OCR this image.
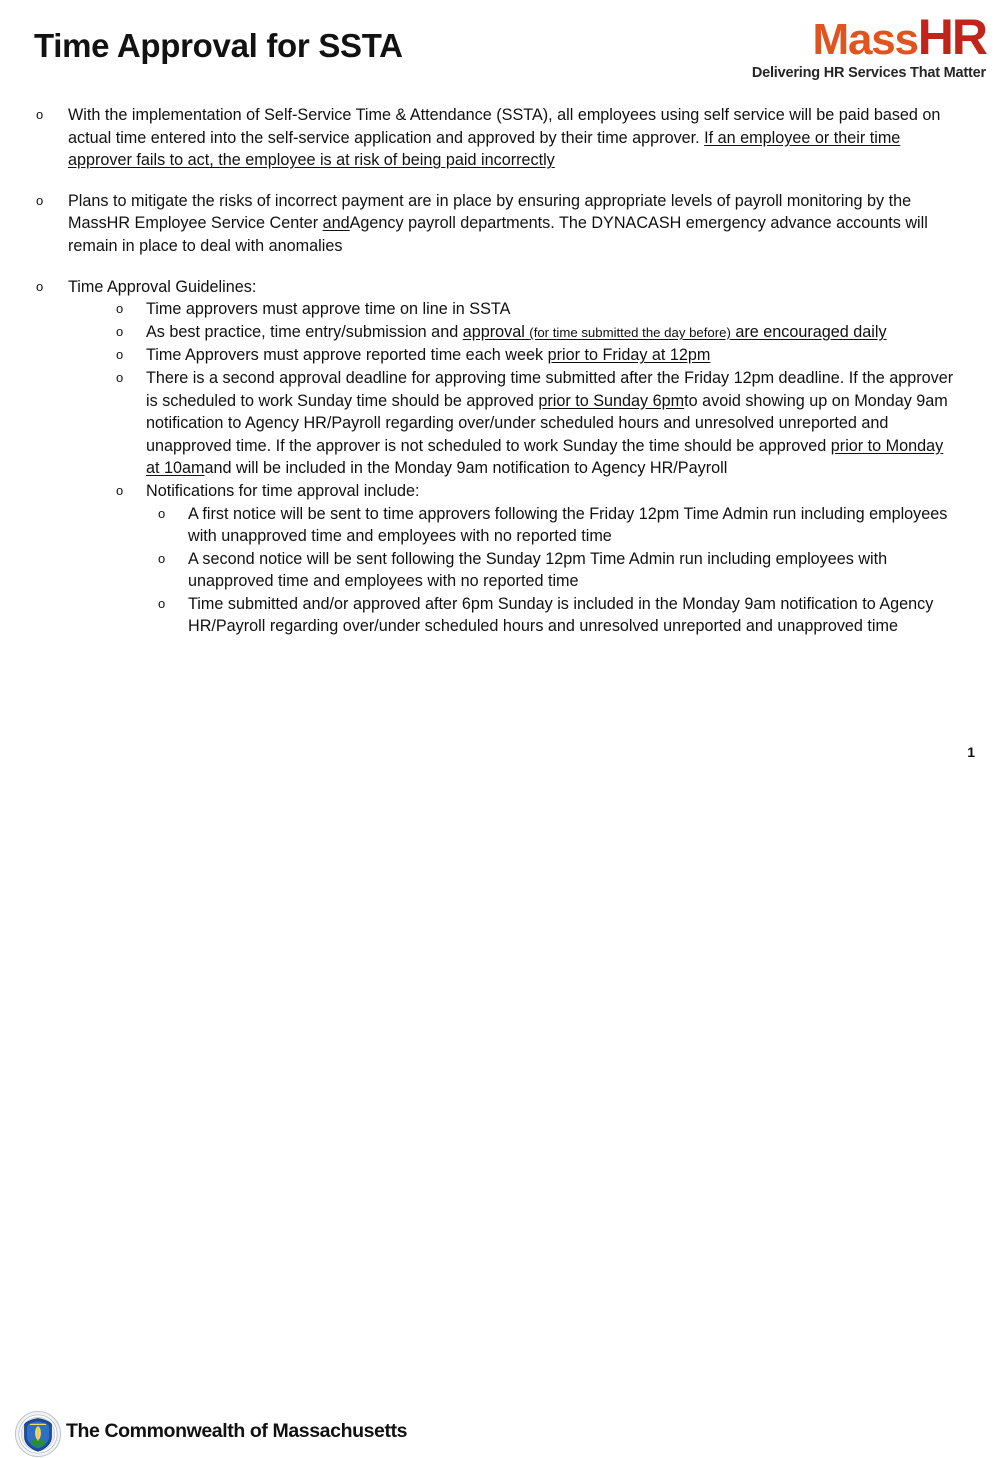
Time Approval for SSTA	MassHR
Delivering HR Services That Matter
o With the implementation of Self-Service Time & Attendance (SSTA), all employees using self service will be paid based on actual time entered into the self-service application and approved by their time approver. If an employee or their time approver fails to act, the employee is at risk of being paid incorrectly
o Plans to mitigate the risks of incorrect payment are in place by ensuring appropriate levels of payroll monitoring by the MassHR Employee Service Center andAgency payroll departments. The DYNACASH emergency advance accounts will remain in place to deal with anomalies
o Time Approval Guidelines:
o Time approvers must approve time on line in SSTA
o As best practice, time entry/submission and approval (for time submitted the day before) are encouraged daily
o Time Approvers must approve reported time each week prior to Friday at 12pm
o There is a second approval deadline for approving time submitted after the Friday 12pm deadline. If the approver is scheduled to work Sunday time should be approved prior to Sunday 6pmto avoid showing up on Monday 9am notification to Agency HR/Payroll regarding over/under scheduled hours and unresolved unreported and unapproved time. If the approver is not scheduled to work Sunday the time should be approved prior to Monday at 10amand will be included in the Monday 9am notification to Agency HR/Payroll
o Notifications for time approval include:
o A first notice will be sent to time approvers following the Friday 12pm Time Admin run including employees with unapproved time and employees with no reported time
o A second notice will be sent following the Sunday 12pm Time Admin run including employees with unapproved time and employees with no reported time
o Time submitted and/or approved after 6pm Sunday is included in the Monday 9am notification to Agency HR/Payroll regarding over/under scheduled hours and unresolved unreported and unapproved time
The Commonwealth of Massachusetts
1
